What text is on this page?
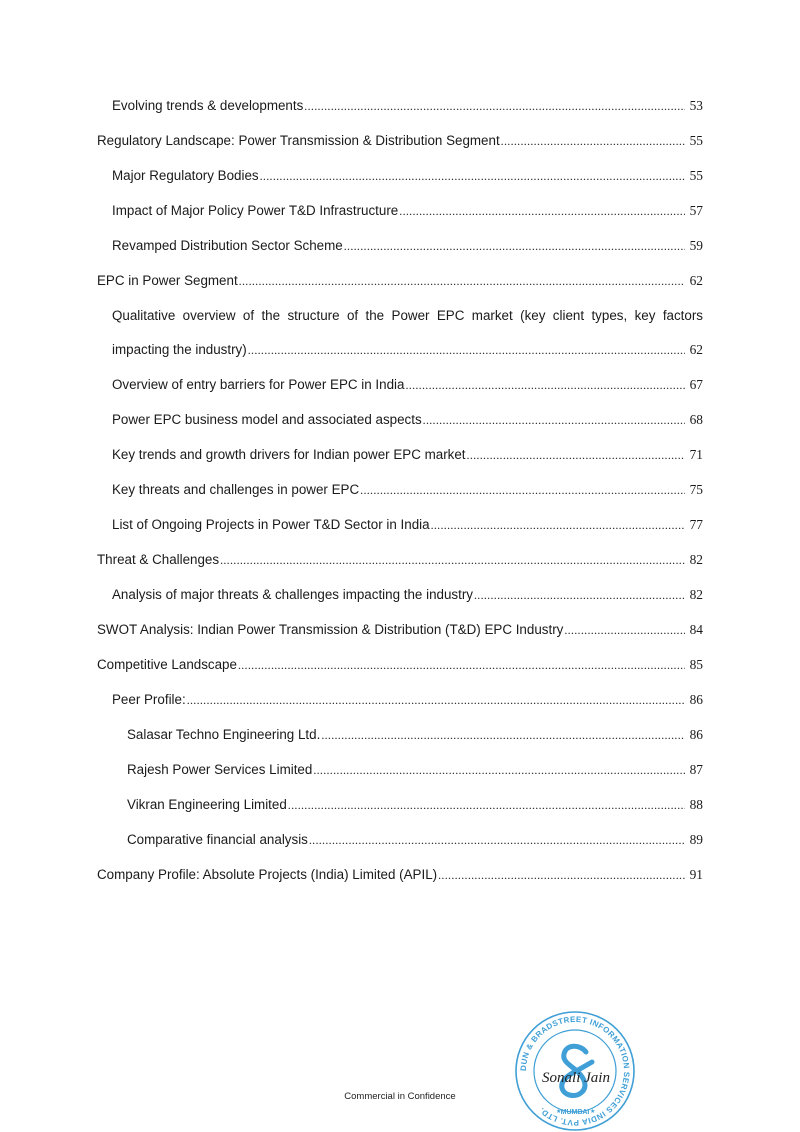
Evolving trends & developments .....	53
Regulatory Landscape: Power Transmission & Distribution Segment .....	55
Major Regulatory Bodies .....	55
Impact of Major Policy Power T&D Infrastructure .....	57
Revamped Distribution Sector Scheme .....	59
EPC in Power Segment .....	62
Qualitative overview of the structure of the Power EPC market (key client types, key factors
impacting the industry) .....	62
Overview of entry barriers for Power EPC in India .....	67
Power EPC business model and associated aspects .....	68
Key trends and growth drivers for Indian power EPC market .....	71
Key threats and challenges in power EPC .....	75
List of Ongoing Projects in Power T&D Sector in India .....	77
Threat & Challenges .....	82
Analysis of major threats & challenges impacting the industry .....	82
SWOT Analysis: Indian Power Transmission & Distribution (T&D) EPC Industry .....	84
Competitive Landscape .....	85
Peer Profile: .....	86
Salasar Techno Engineering Ltd. .....	86
Rajesh Power Services Limited .....	87
Vikran Engineering Limited .....	88
Comparative financial analysis .....	89
Company Profile: Absolute Projects (India) Limited (APIL) .....	91
Commercial in Confidence
DUN & BRADSTREET INFORMATION SERVICES INDIA PVT. LTD.
Sonali Jain
MUMBAI
★	★
